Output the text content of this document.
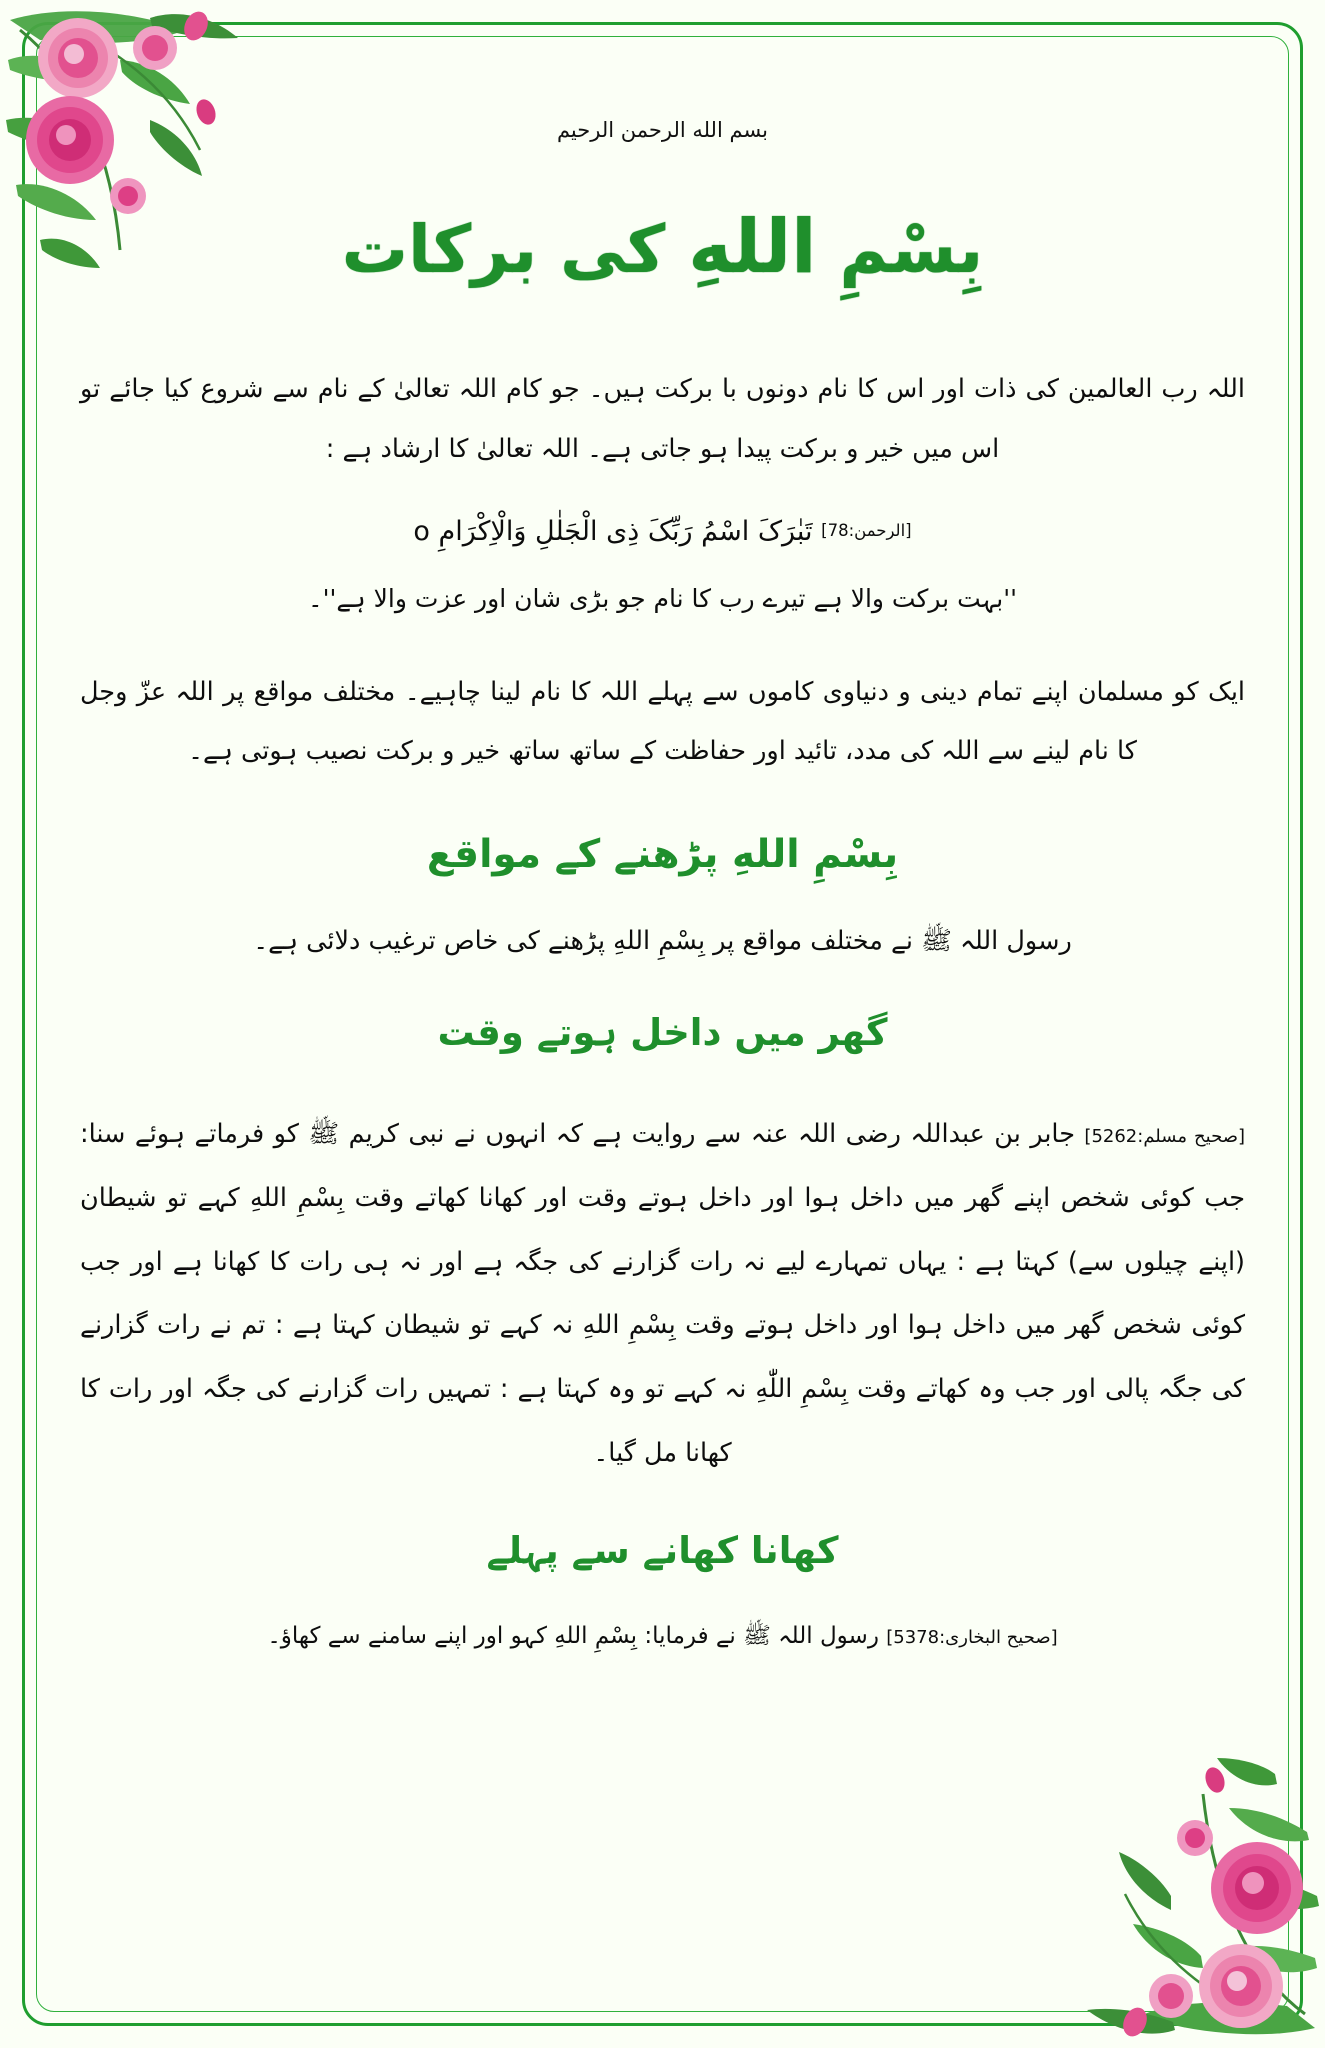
بسم الله الرحمن الرحيم
بِسْمِ اللهِ کی برکات
اللہ رب العالمین کی ذات اور اس کا نام دونوں با برکت ہیں۔ جو کام اللہ تعالیٰ کے نام سے شروع کیا جائے تو اس میں خیر و برکت پیدا ہو جاتی ہے۔ اللہ تعالیٰ کا ارشاد ہے :
[الرحمن:78] تَبٰرَکَ اسْمُ رَبِّکَ ذِی الْجَلٰلِ وَالْاِکْرَامِ o
''بہت برکت والا ہے تیرے رب کا نام جو بڑی شان اور عزت والا ہے''۔
ایک کو مسلمان اپنے تمام دینی و دنیاوی کاموں سے پہلے اللہ کا نام لینا چاہیے۔ مختلف مواقع پر اللہ عزّ وجل کا نام لینے سے اللہ کی مدد، تائید اور حفاظت کے ساتھ ساتھ خیر و برکت نصیب ہوتی ہے۔
بِسْمِ اللهِ پڑھنے کے مواقع
رسول اللہ ﷺ نے مختلف مواقع پر بِسْمِ اللهِ پڑھنے کی خاص ترغیب دلائی ہے۔
گھر میں داخل ہوتے وقت
[صحیح مسلم:5262] جابر بن عبداللہ رضی اللہ عنہ سے روایت ہے کہ انہوں نے نبی کریم ﷺ کو فرماتے ہوئے سنا: جب کوئی شخص اپنے گھر میں داخل ہوا اور داخل ہوتے وقت اور کھانا کھاتے وقت بِسْمِ اللهِ کہے تو شیطان (اپنے چیلوں سے) کہتا ہے : یہاں تمہارے لیے نہ رات گزارنے کی جگہ ہے اور نہ ہی رات کا کھانا ہے اور جب کوئی شخص گھر میں داخل ہوا اور داخل ہوتے وقت بِسْمِ اللهِ نہ کہے تو شیطان کہتا ہے : تم نے رات گزارنے کی جگہ پالی اور جب وہ کھاتے وقت بِسْمِ اللّٰهِ نہ کہے تو وہ کہتا ہے : تمہیں رات گزارنے کی جگہ اور رات کا کھانا مل گیا۔
کھانا کھانے سے پہلے
[صحیح البخاری:5378] رسول اللہ ﷺ نے فرمایا: بِسْمِ اللهِ کہو اور اپنے سامنے سے کھاؤ۔
